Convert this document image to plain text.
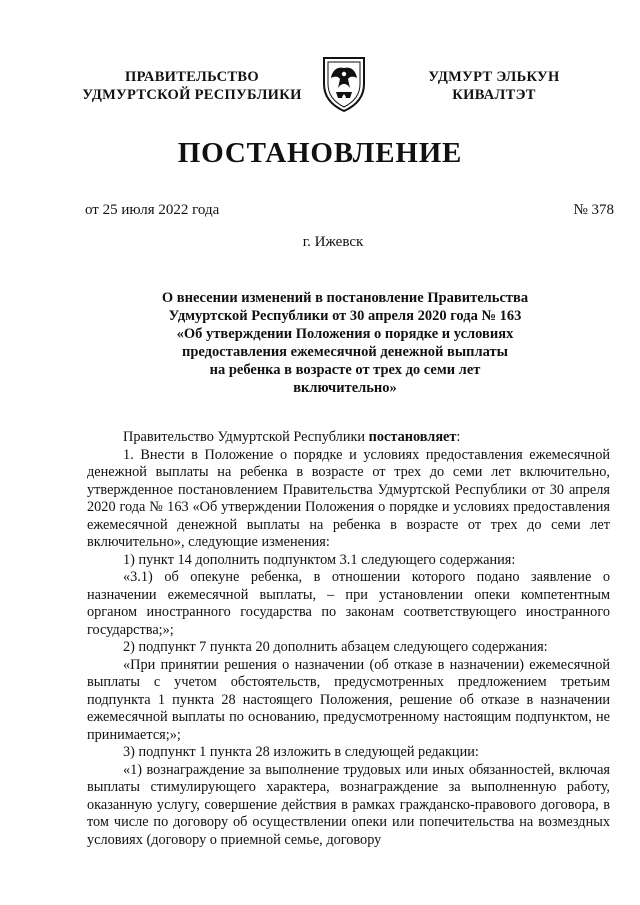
ПРАВИТЕЛЬСТВО
УДМУРТСКОЙ РЕСПУБЛИКИ
УДМУРТ ЭЛЬКУН
КИВАЛТЭТ
ПОСТАНОВЛЕНИЕ
от 25 июля 2022 года	№ 378
г. Ижевск
О внесении изменений в постановление Правительства
Удмуртской Республики от 30 апреля 2020 года № 163
«Об утверждении Положения о порядке и условиях
предоставления ежемесячной денежной выплаты
на ребенка в возрасте от трех до семи лет
включительно»

Правительство Удмуртской Республики постановляет:

1. Внести в Положение о порядке и условиях предоставления ежемесячной денежной выплаты на ребенка в возрасте от трех до семи лет включительно, утвержденное постановлением Правительства Удмуртской Республики от 30 апреля 2020 года № 163 «Об утверждении Положения о порядке и условиях предоставления ежемесячной денежной выплаты на ребенка в возрасте от трех до семи лет включительно», следующие изменения:

1) пункт 14 дополнить подпунктом 3.1 следующего содержания:

«3.1) об опекуне ребенка, в отношении которого подано заявление о назначении ежемесячной выплаты, – при установлении опеки компетентным органом иностранного государства по законам соответствующего иностранного государства;»;

2) подпункт 7 пункта 20 дополнить абзацем следующего содержания:

«При принятии решения о назначении (об отказе в назначении) ежемесячной выплаты с учетом обстоятельств, предусмотренных предложением третьим подпункта 1 пункта 28 настоящего Положения, решение об отказе в назначении ежемесячной выплаты по основанию, предусмотренному настоящим подпунктом, не принимается;»;

3) подпункт 1 пункта 28 изложить в следующей редакции:

«1) вознаграждение за выполнение трудовых или иных обязанностей, включая выплаты стимулирующего характера, вознаграждение за выполненную работу, оказанную услугу, совершение действия в рамках гражданско-правового договора, в том числе по договору об осуществлении опеки или попечительства на возмездных условиях (договору о приемной семье, договору
